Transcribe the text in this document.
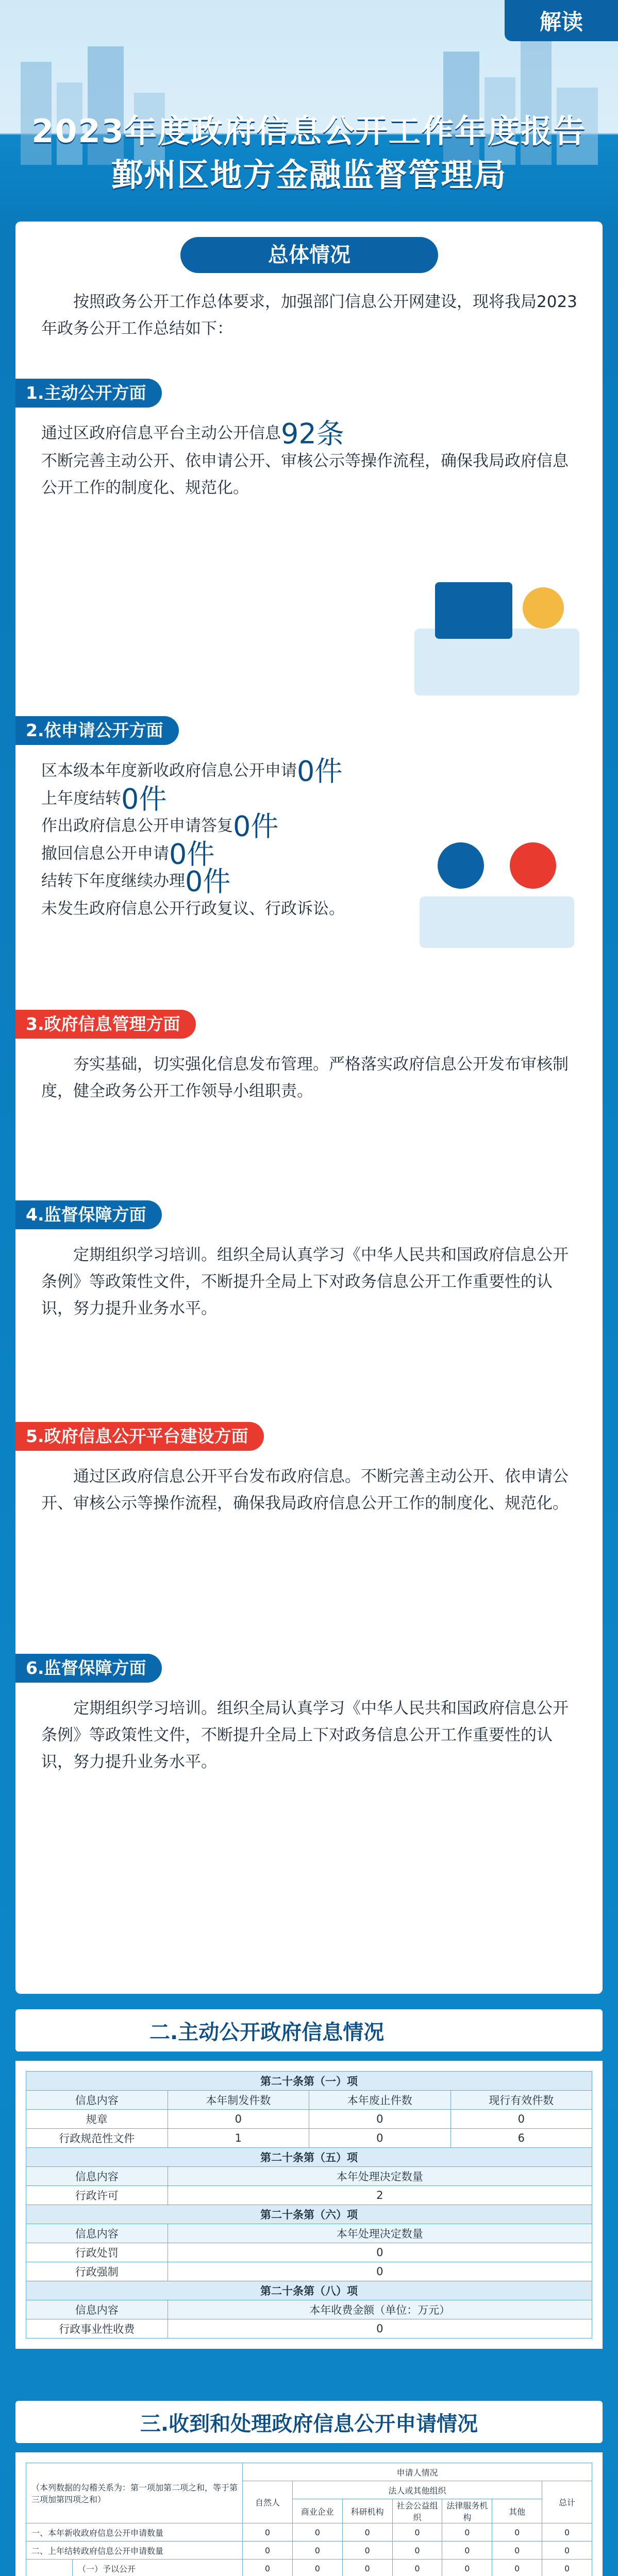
解读
2023年度政府信息公开工作年度报告
鄞州区地方金融监督管理局
总体情况
按照政务公开工作总体要求，加强部门信息公开网建设，现将我局2023年政务公开工作总结如下：
1.主动公开方面
通过区政府信息平台主动公开信息92条
不断完善主动公开、依申请公开、审核公示等操作流程，确保我局政府信息公开工作的制度化、规范化。
2.依申请公开方面
区本级本年度新收政府信息公开申请0件
上年度结转0件
作出政府信息公开申请答复0件
撤回信息公开申请0件
结转下年度继续办理0件
未发生政府信息公开行政复议、行政诉讼。
3.政府信息管理方面
夯实基础，切实强化信息发布管理。严格落实政府信息公开发布审核制度，健全政务公开工作领导小组职责。
4.监督保障方面
定期组织学习培训。组织全局认真学习《中华人民共和国政府信息公开条例》等政策性文件，不断提升全局上下对政务信息公开工作重要性的认识，努力提升业务水平。
5.政府信息公开平台建设方面
通过区政府信息公开平台发布政府信息。不断完善主动公开、依申请公开、审核公示等操作流程，确保我局政府信息公开工作的制度化、规范化。
6.监督保障方面
定期组织学习培训。组织全局认真学习《中华人民共和国政府信息公开条例》等政策性文件，不断提升全局上下对政务信息公开工作重要性的认识，努力提升业务水平。
二.主动公开政府信息情况
第二十条第（一）项			
信息内容	本年制发件数	本年废止件数	现行有效件数
规章	0	0	0
行政规范性文件	1	0	6
第二十条第（五）项			
信息内容	本年处理决定数量		
行政许可	2		
第二十条第（六）项			
信息内容	本年处理决定数量		
行政处罚	0		
行政强制	0		
第二十条第（八）项			
信息内容	本年收费金额（单位：万元）		
行政事业性收费	0		
三.收到和处理政府信息公开申请情况
（本列数据的勾稽关系为：第一项加第二项之和，等于第三项加第四项之和）			申请人情况						
			自然人	法人或其他组织					总计
				商业企业	科研机构	社会公益组织	法律服务机构	其他	
一、本年新收政府信息公开申请数量			0	0	0	0	0	0	0
二、上年结转政府信息公开申请数量			0	0	0	0	0	0	0
	（一）予以公开		0	0	0	0	0	0	0
